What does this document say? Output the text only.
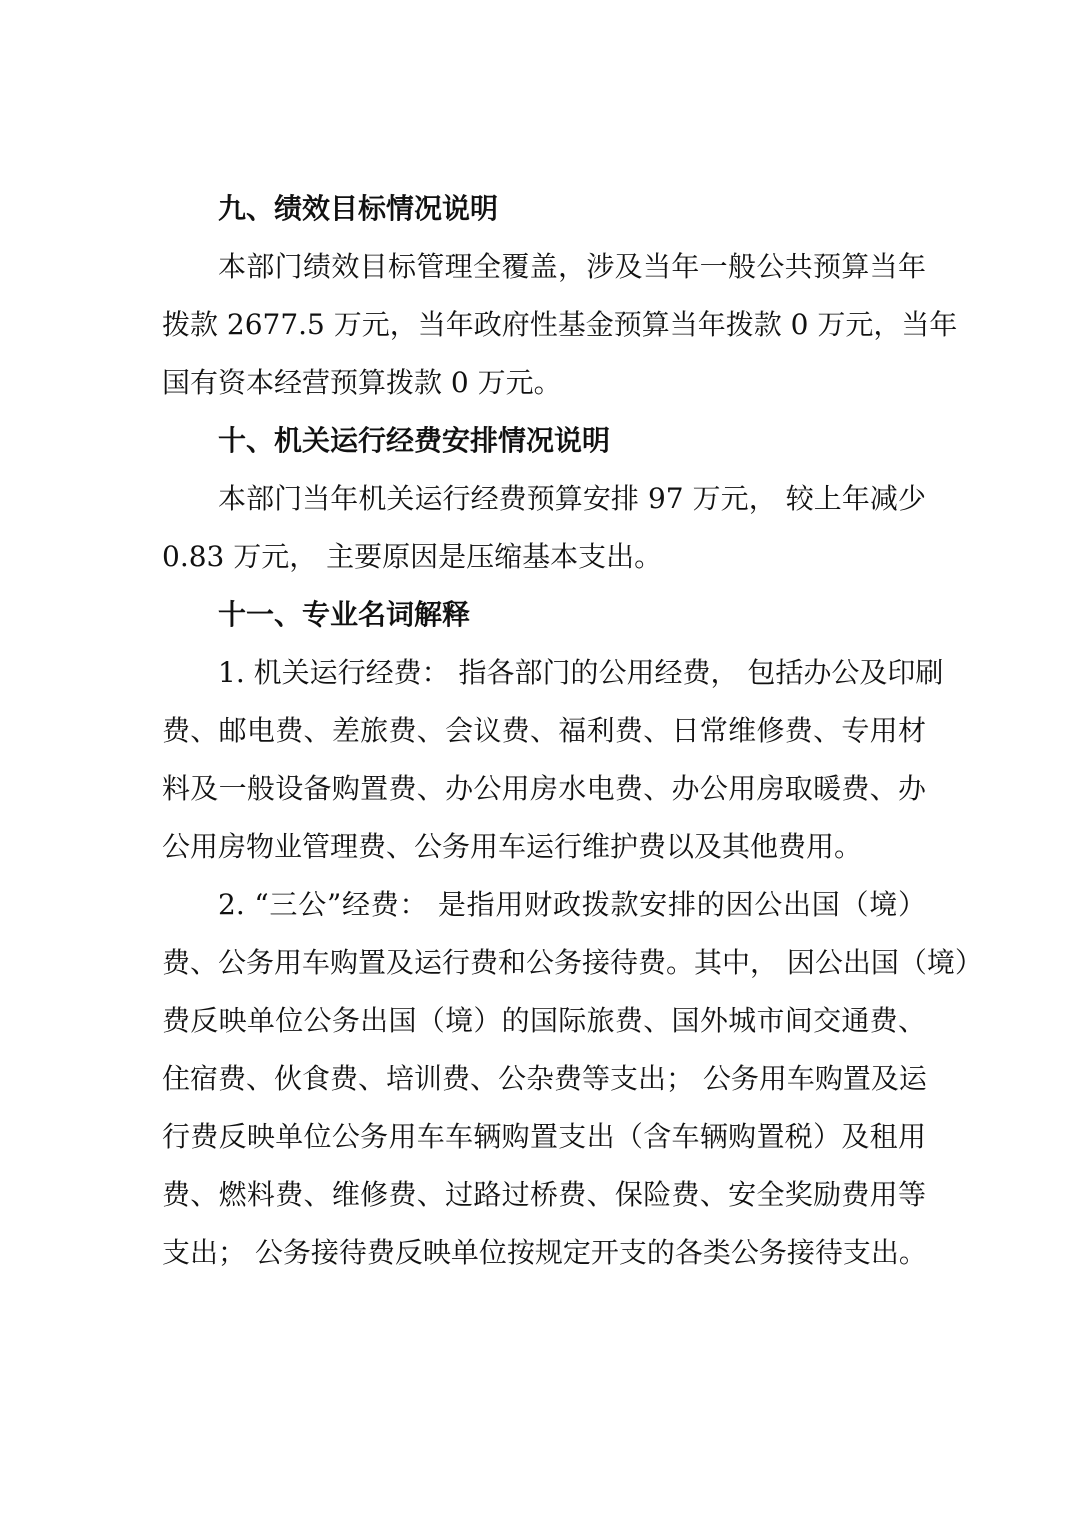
九、绩效目标情况说明

本部门绩效目标管理全覆盖，涉及当年一般公共预算当年
拨款 2677.5 万元，当年政府性基金预算当年拨款 0 万元，当年
国有资本经营预算拨款 0 万元。

十、机关运行经费安排情况说明

本部门当年机关运行经费预算安排 97 万元， 较上年减少
0.83 万元， 主要原因是压缩基本支出。

十一、专业名词解释

1. 机关运行经费： 指各部门的公用经费， 包括办公及印刷
费、邮电费、差旅费、会议费、福利费、日常维修费、专用材
料及一般设备购置费、办公用房水电费、办公用房取暖费、办
公用房物业管理费、公务用车运行维护费以及其他费用。

2. “三公”经费： 是指用财政拨款安排的因公出国（境）
费、公务用车购置及运行费和公务接待费。其中， 因公出国（境）
费反映单位公务出国（境）的国际旅费、国外城市间交通费、
住宿费、伙食费、培训费、公杂费等支出； 公务用车购置及运
行费反映单位公务用车车辆购置支出（含车辆购置税）及租用
费、燃料费、维修费、过路过桥费、保险费、安全奖励费用等
支出； 公务接待费反映单位按规定开支的各类公务接待支出。
